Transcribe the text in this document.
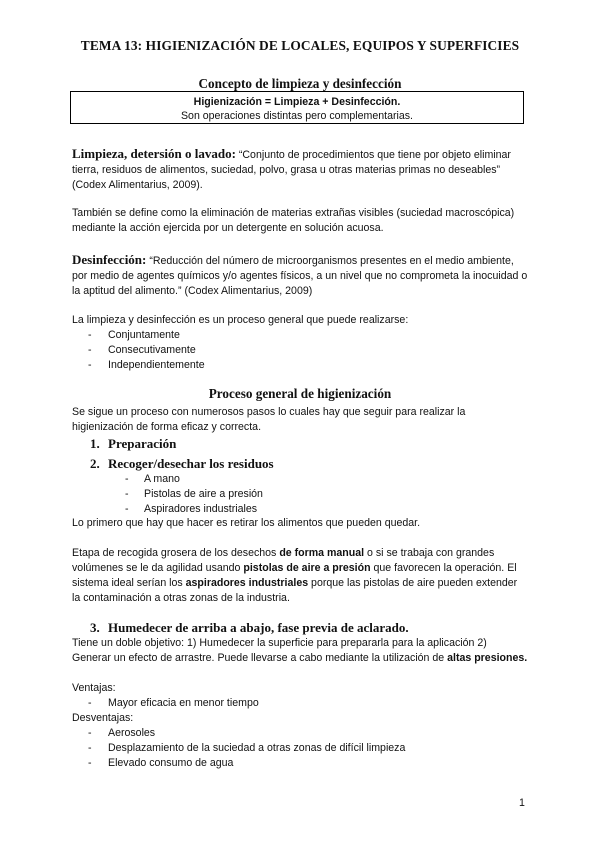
TEMA 13: HIGIENIZACIÓN DE LOCALES, EQUIPOS Y SUPERFICIES
Concepto de limpieza y desinfección
Higienización = Limpieza + Desinfección.
Son operaciones distintas pero complementarias.

Limpieza, detersión o lavado: “Conjunto de procedimientos que tiene por objeto eliminar tierra, residuos de alimentos, suciedad, polvo, grasa u otras materias primas no deseables” (Codex Alimentarius, 2009).

También se define como la eliminación de materias extrañas visibles (suciedad macroscópica) mediante la acción ejercida por un detergente en solución acuosa.

Desinfección: “Reducción del número de microorganismos presentes en el medio ambiente, por medio de agentes químicos y/o agentes físicos, a un nivel que no comprometa la inocuidad o la aptitud del alimento.” (Codex Alimentarius, 2009)

La limpieza y desinfección es un proceso general que puede realizarse:

- Conjuntamente
- Consecutivamente
- Independientemente
Proceso general de higienización

Se sigue un proceso con numerosos pasos lo cuales hay que seguir para realizar la higienización de forma eficaz y correcta.

1. Preparación
2. Recoger/desechar los residuos
- A mano
- Pistolas de aire a presión
- Aspiradores industriales

Lo primero que hay que hacer es retirar los alimentos que pueden quedar.

Etapa de recogida grosera de los desechos de forma manual o si se trabaja con grandes volúmenes se le da agilidad usando pistolas de aire a presión que favorecen la operación. El sistema ideal serían los aspiradores industriales porque las pistolas de aire pueden extender la contaminación a otras zonas de la industria.

3. Humedecer de arriba a abajo, fase previa de aclarado.

Tiene un doble objetivo: 1) Humedecer la superficie para prepararla para la aplicación 2) Generar un efecto de arrastre. Puede llevarse a cabo mediante la utilización de altas presiones.

Ventajas:

- Mayor eficacia en menor tiempo

Desventajas:

- Aerosoles
- Desplazamiento de la suciedad a otras zonas de difícil limpieza
- Elevado consumo de agua
1
